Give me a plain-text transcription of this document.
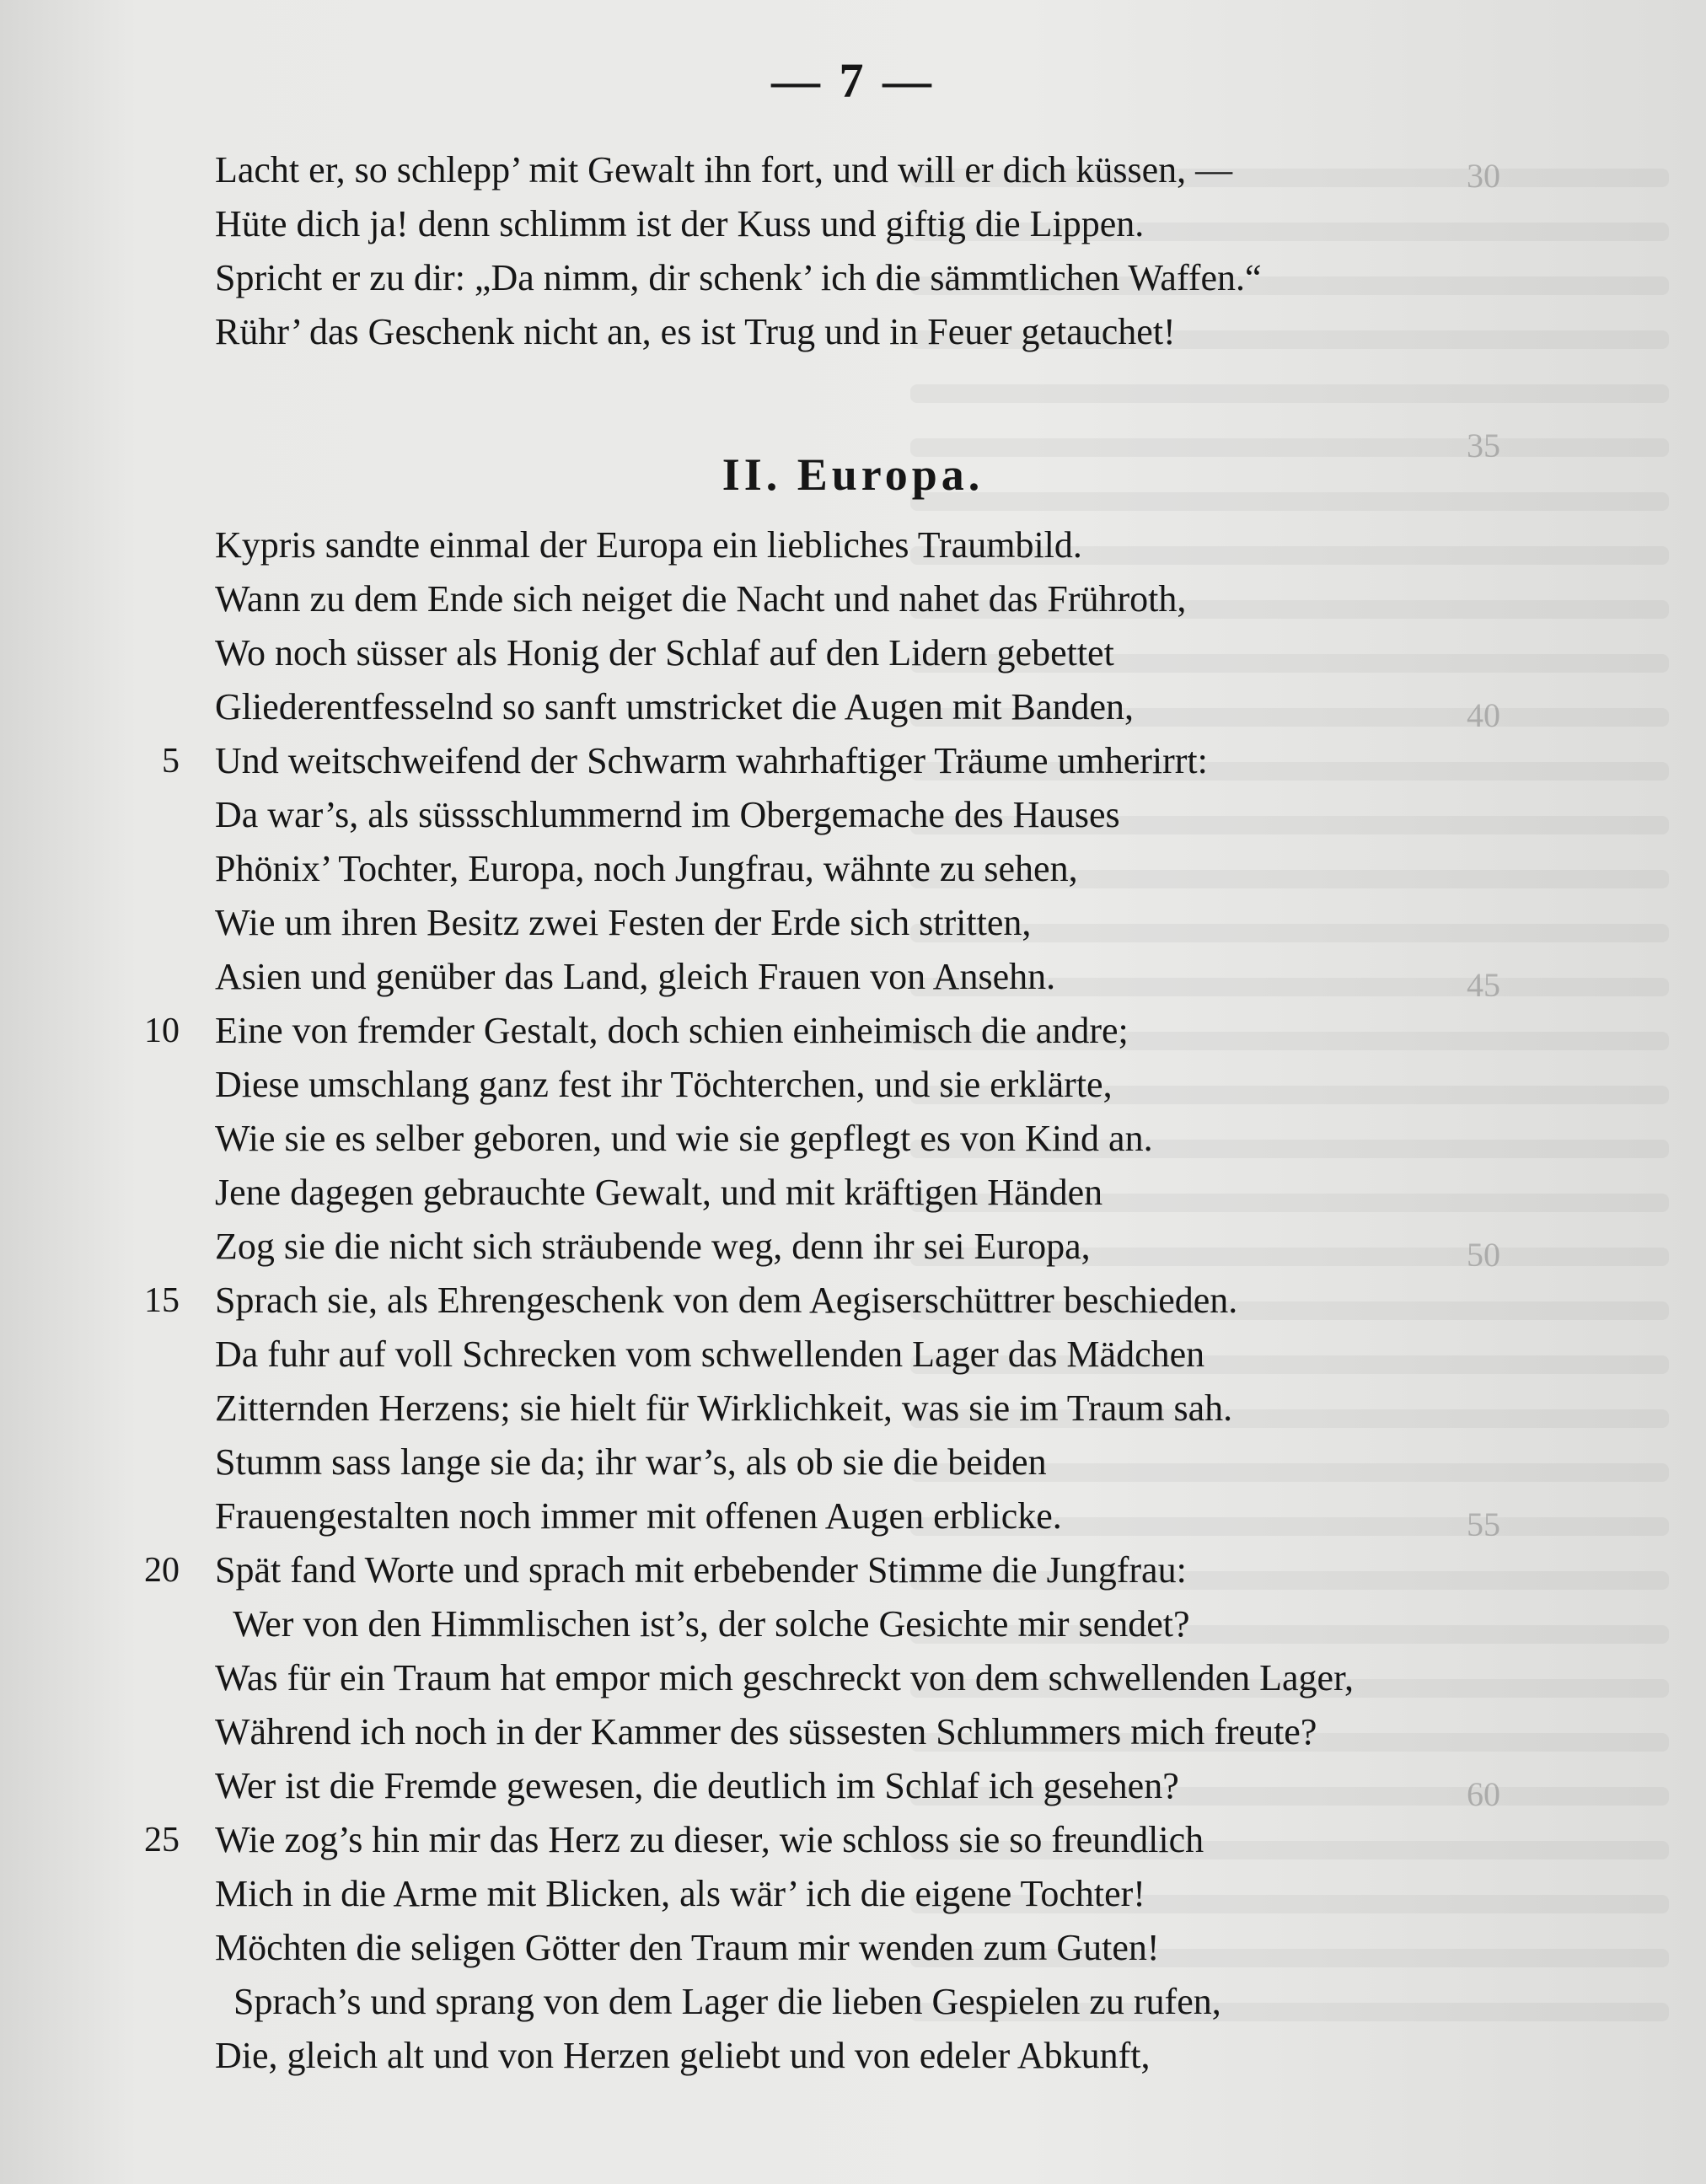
30
35
40
45
50
55
60
— 7 —
Lacht er, so schlepp’ mit Gewalt ihn fort, und will er dich küssen, —
Hüte dich ja! denn schlimm ist der Kuss und giftig die Lippen.
Spricht er zu dir: „Da nimm, dir schenk’ ich die sämmtlichen Waffen.“
Rühr’ das Geschenk nicht an, es ist Trug und in Feuer getauchet!
II. Europa.
Kypris sandte einmal der Europa ein liebliches Traumbild.
Wann zu dem Ende sich neiget die Nacht und nahet das Frühroth,
Wo noch süsser als Honig der Schlaf auf den Lidern gebettet
Gliederentfesselnd so sanft umstricket die Augen mit Banden,
5 Und weitschweifend der Schwarm wahrhaftiger Träume umherirrt:
Da war’s, als süssschlummernd im Obergemache des Hauses
Phönix’ Tochter, Europa, noch Jungfrau, wähnte zu sehen,
Wie um ihren Besitz zwei Festen der Erde sich stritten,
Asien und genüber das Land, gleich Frauen von Ansehn.
10 Eine von fremder Gestalt, doch schien einheimisch die andre;
Diese umschlang ganz fest ihr Töchterchen, und sie erklärte,
Wie sie es selber geboren, und wie sie gepflegt es von Kind an.
Jene dagegen gebrauchte Gewalt, und mit kräftigen Händen
Zog sie die nicht sich sträubende weg, denn ihr sei Europa,
15 Sprach sie, als Ehrengeschenk von dem Aegiserschüttrer beschieden.
Da fuhr auf voll Schrecken vom schwellenden Lager das Mädchen
Zitternden Herzens; sie hielt für Wirklichkeit, was sie im Traum sah.
Stumm sass lange sie da; ihr war’s, als ob sie die beiden
Frauengestalten noch immer mit offenen Augen erblicke.
20 Spät fand Worte und sprach mit erbebender Stimme die Jungfrau:
Wer von den Himmlischen ist’s, der solche Gesichte mir sendet?
Was für ein Traum hat empor mich geschreckt von dem schwellenden Lager,
Während ich noch in der Kammer des süssesten Schlummers mich freute?
Wer ist die Fremde gewesen, die deutlich im Schlaf ich gesehen?
25 Wie zog’s hin mir das Herz zu dieser, wie schloss sie so freundlich
Mich in die Arme mit Blicken, als wär’ ich die eigene Tochter!
Möchten die seligen Götter den Traum mir wenden zum Guten!
Sprach’s und sprang von dem Lager die lieben Gespielen zu rufen,
Die, gleich alt und von Herzen geliebt und von edeler Abkunft,
